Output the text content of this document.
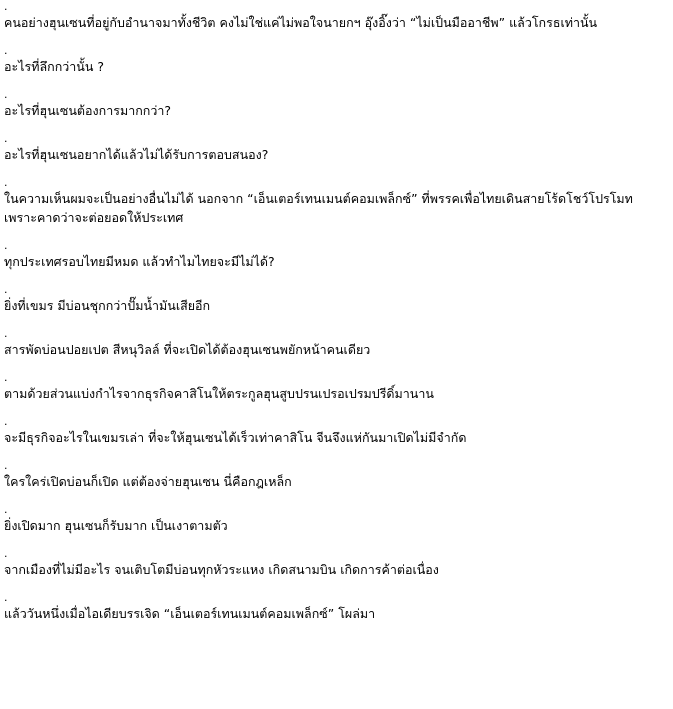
.
คนอย่างฮุนเซนที่อยู่กับอำนาจมาทั้งชีวิต คงไม่ใช่แค่ไม่พอใจนายกฯ อุ๊งอิ๊งว่า “ไม่เป็นมืออาชีพ” แล้วโกรธเท่านั้น
.
อะไรที่ลึกกว่านั้น ?
.
อะไรที่ฮุนเซนต้องการมากกว่า?
.
อะไรที่ฮุนเซนอยากได้แล้วไม่ได้รับการตอบสนอง?
.
ในความเห็นผมจะเป็นอย่างอื่นไม่ได้ นอกจาก “เอ็นเตอร์เทนเมนต์คอมเพล็กซ์” ที่พรรคเพื่อไทยเดินสายโร้ดโชว์โปรโมท เพราะคาดว่าจะต่อยอดให้ประเทศ
.
ทุกประเทศรอบไทยมีหมด แล้วทำไมไทยจะมีไม่ได้?
.
ยิ่งที่เขมร มีบ่อนชุกกว่าปั๊มน้ำมันเสียอีก
.
สารพัดบ่อนปอยเปต สีหนุวิลล์ ที่จะเปิดได้ต้องฮุนเซนพยักหน้าคนเดียว
.
ตามด้วยส่วนแบ่งกำไรจากธุรกิจคาสิโนให้ตระกูลฮุนสูบปรนเปรอเปรมปรีดิ์มานาน
.
จะมีธุรกิจอะไรในเขมรเล่า ที่จะให้ฮุนเซนได้เร็วเท่าคาสิโน จีนจึงแห่กันมาเปิดไม่มีจำกัด
.
ใครใคร่เปิดบ่อนก็เปิด แต่ต้องจ่ายฮุนเซน นี่คือกฎเหล็ก
.
ยิ่งเปิดมาก ฮุนเซนก็รับมาก เป็นเงาตามตัว
.
จากเมืองที่ไม่มีอะไร จนเติบโตมีบ่อนทุกหัวระแหง เกิดสนามบิน เกิดการค้าต่อเนื่อง
.
แล้ววันหนึ่งเมื่อไอเดียบรรเจิด “เอ็นเตอร์เทนเมนต์คอมเพล็กซ์” โผล่มา
